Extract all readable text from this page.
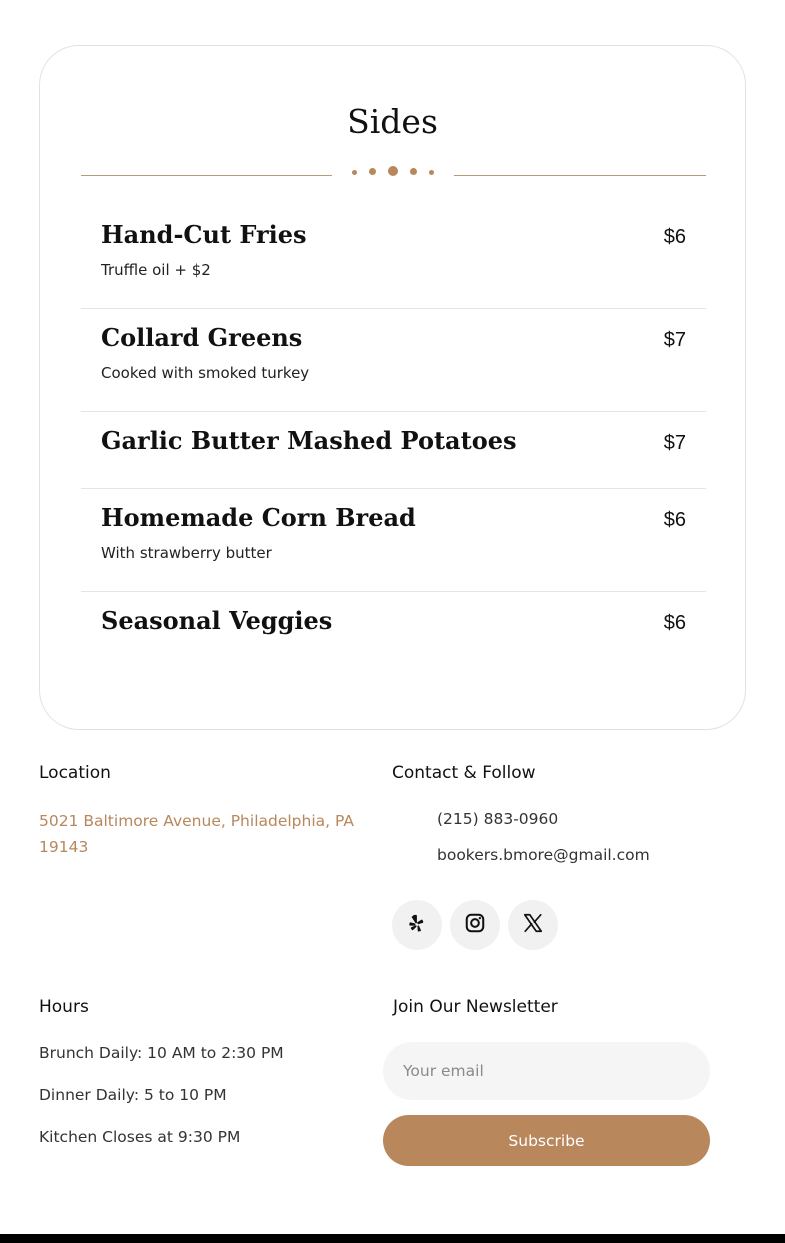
Sides
Hand-Cut Fries	$6
Truffle oil + $2
Collard Greens	$7
Cooked with smoked turkey
Garlic Butter Mashed Potatoes	$7
Homemade Corn Bread	$6
With strawberry butter
Seasonal Veggies	$6
Location
5021 Baltimore Avenue, Philadelphia, PA 19143
Contact & Follow
(215) 883-0960
bookers.bmore@gmail.com
Hours
Brunch Daily: 10 AM to 2:30 PM
Dinner Daily: 5 to 10 PM
Kitchen Closes at 9:30 PM
Join Our Newsletter
Your email
Subscribe
